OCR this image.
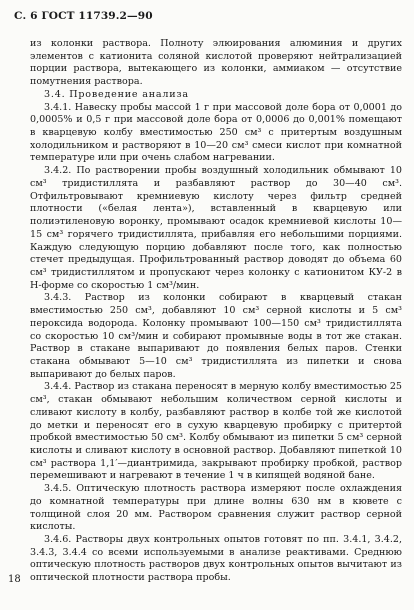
С. 6 ГОСТ 11739.2—90

из колонки раствора. Полноту элюирования алюминия и других элементов с катионита соляной кислотой проверяют нейтрализацией порции раствора, вытекающего из колонки, аммиаком — отсутствие помутнения раствора.

3.4. Проведение анализа

3.4.1. Навеску пробы массой 1 г при массовой доле бора от 0,0001 до 0,0005% и 0,5 г при массовой доле бора от 0,0006 до 0,001% помещают в кварцевую колбу вместимостью 250 см³ с притертым воздушным холодильником и растворяют в 10—20 см³ смеси кислот при комнатной температуре или при очень слабом нагревании.

3.4.2. По растворении пробы воздушный холодильник обмывают 10 см³ тридистиллята и разбавляют раствор до 30—40 см³. Отфильтровывают кремниевую кислоту через фильтр средней плотности («белая лента»), вставленный в кварцевую или полиэтиленовую воронку, промывают осадок кремниевой кислоты 10—15 см³ горячего тридистиллята, прибавляя его небольшими порциями. Каждую следующую порцию добавляют после того, как полностью стечет предыдущая. Профильтрованный раствор доводят до объема 60 см³ тридистиллятом и пропускают через колонку с катионитом КУ-2 в Н-форме со скоростью 1 см³/мин.

3.4.3. Раствор из колонки собирают в кварцевый стакан вместимостью 250 см³, добавляют 10 см³ серной кислоты и 5 см³ пероксида водорода. Колонку промывают 100—150 см³ тридистиллята со скоростью 10 см³/мин и собирают промывные воды в тот же стакан. Раствор в стакане выпаривают до появления белых паров. Стенки стакана обмывают 5—10 см³ тридистиллята из пипетки и снова выпаривают до белых паров.

3.4.4. Раствор из стакана переносят в мерную колбу вместимостью 25 см³, стакан обмывают небольшим количеством серной кислоты и сливают кислоту в колбу, разбавляют раствор в колбе той же кислотой до метки и переносят его в сухую кварцевую пробирку с притертой пробкой вместимостью 50 см³. Колбу обмывают из пипетки 5 см³ серной кислоты и сливают кислоту в основной раствор. Добавляют пипеткой 10 см³ раствора 1,1′—диантримида, закрывают пробирку пробкой, раствор перемешивают и нагревают в течение 1 ч в кипящей водяной бане.

3.4.5. Оптическую плотность раствора измеряют после охлаждения до комнатной температуры при длине волны 630 нм в кювете с толщиной слоя 20 мм. Раствором сравнения служит раствор серной кислоты.

3.4.6. Растворы двух контрольных опытов готовят по пп. 3.4.1, 3.4.2, 3.4.3, 3.4.4 со всеми используемыми в анализе реактивами. Среднюю оптическую плотность растворов двух контрольных опытов вычитают из оптической плотности раствора пробы.

18
